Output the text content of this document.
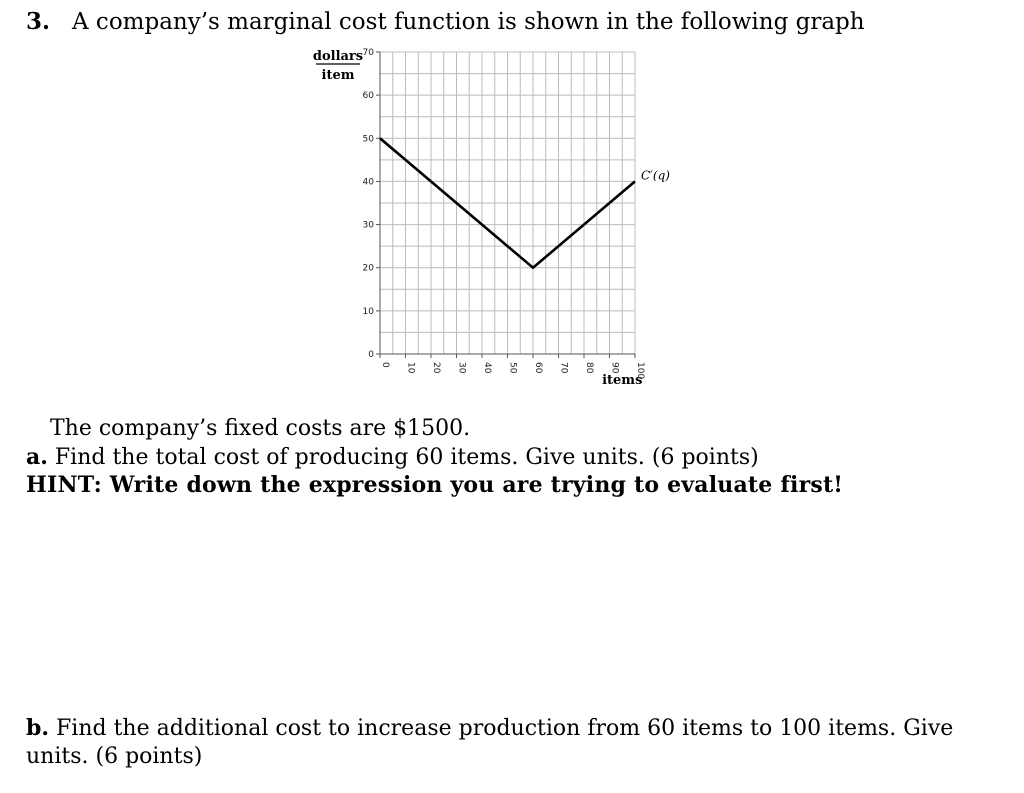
3. A company’s marginal cost function is shown in the following graph
0
10
20
30
40
50
60
70
0 10 20 30 40 50 60 70 80 90 100
dollars
item
items
C′(q)
The company’s fixed costs are $1500.
a. Find the total cost of producing 60 items. Give units. (6 points)
HINT: Write down the expression you are trying to evaluate first!
b. Find the additional cost to increase production from 60 items to 100 items. Give units. (6 points)
